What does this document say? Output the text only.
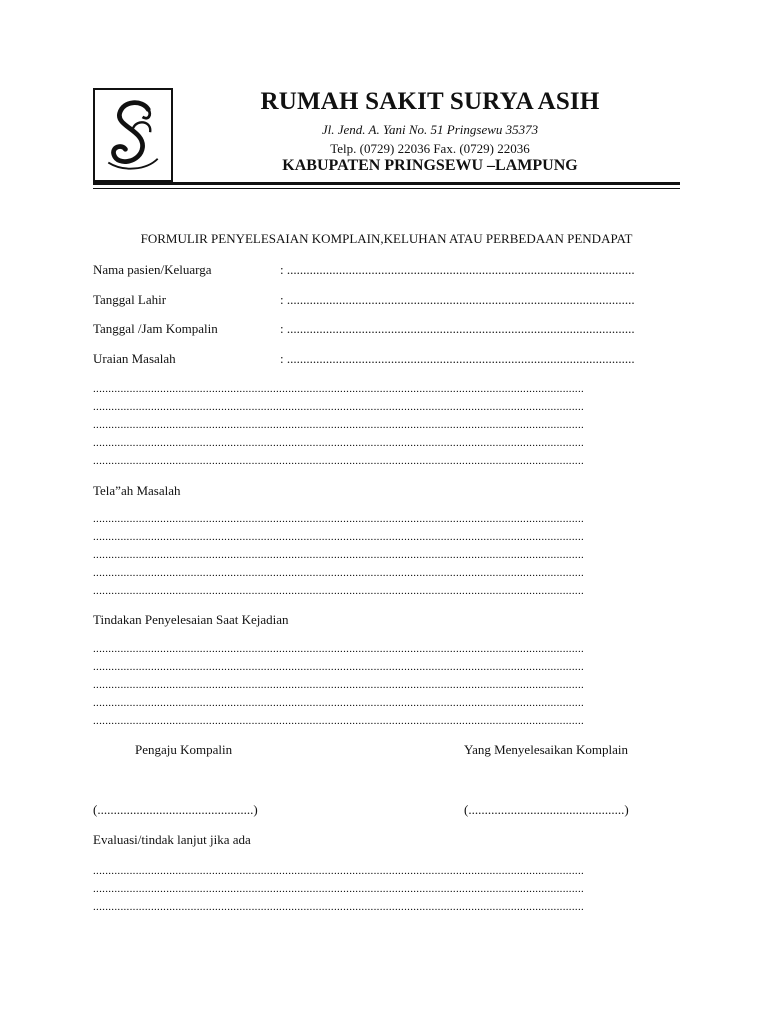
RUMAH SAKIT SURYA ASIH
Jl. Jend. A. Yani No. 51 Pringsewu 35373
Telp. (0729) 22036 Fax. (0729) 22036
KABUPATEN PRINGSEWU –LAMPUNG
FORMULIR PENYELESAIAN KOMPLAIN,KELUHAN ATAU PERBEDAAN PENDAPAT
Nama pasien/Keluarga	: ...........................................................................................................
Tanggal Lahir	: ...........................................................................................................
Tanggal /Jam Kompalin	: ...........................................................................................................
Uraian Masalah	: ...........................................................................................................
.................................................................................................................................................................
.................................................................................................................................................................
.................................................................................................................................................................
.................................................................................................................................................................
.................................................................................................................................................................
Tela”ah Masalah
.................................................................................................................................................................
.................................................................................................................................................................
.................................................................................................................................................................
.................................................................................................................................................................
.................................................................................................................................................................
Tindakan Penyelesaian Saat Kejadian
.................................................................................................................................................................
.................................................................................................................................................................
.................................................................................................................................................................
.................................................................................................................................................................
.................................................................................................................................................................
Pengaju Kompalin	Yang Menyelesaikan Komplain
(................................................)	(................................................)
Evaluasi/tindak lanjut jika ada
.................................................................................................................................................................
.................................................................................................................................................................
.................................................................................................................................................................
